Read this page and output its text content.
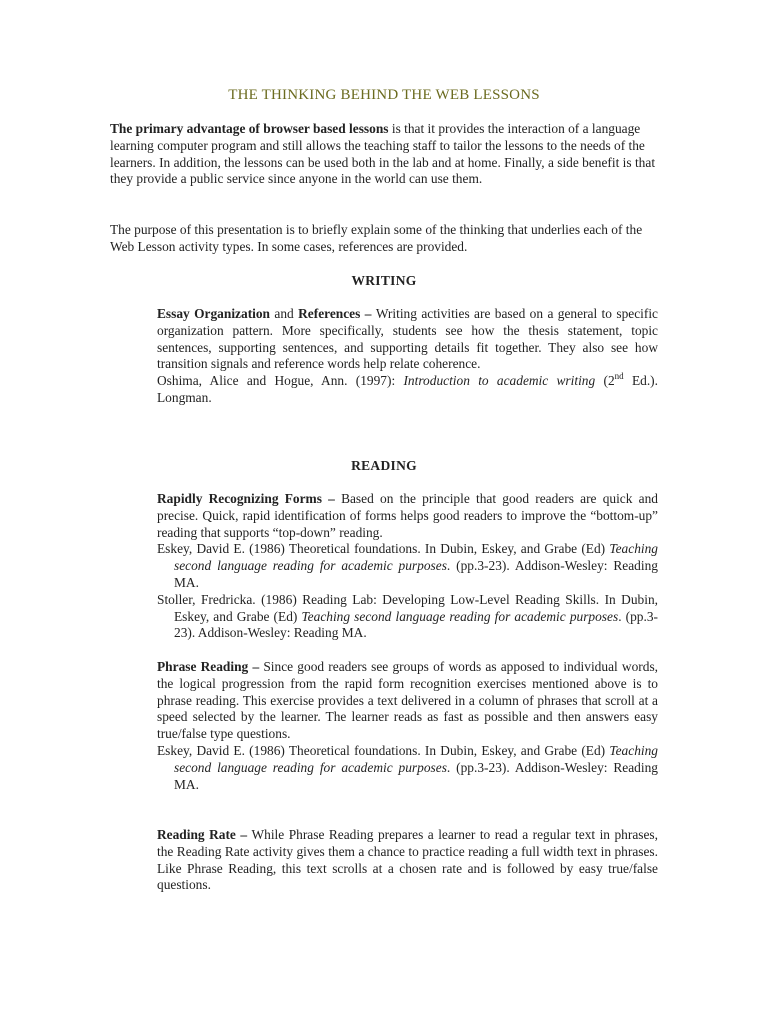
THE THINKING BEHIND THE WEB LESSONS

The primary advantage of browser based lessons is that it provides the interaction of a language learning computer program and still allows the teaching staff to tailor the lessons to the needs of the learners. In addition, the lessons can be used both in the lab and at home. Finally, a side benefit is that they provide a public service since anyone in the world can use them.

The purpose of this presentation is to briefly explain some of the thinking that underlies each of the Web Lesson activity types. In some cases, references are provided.

WRITING

Essay Organization and References – Writing activities are based on a general to specific organization pattern. More specifically, students see how the thesis statement, topic sentences, supporting sentences, and supporting details fit together. They also see how transition signals and reference words help relate coherence.

Oshima, Alice and Hogue, Ann. (1997): Introduction to academic writing (2nd Ed.). Longman.

READING

Rapidly Recognizing Forms – Based on the principle that good readers are quick and precise. Quick, rapid identification of forms helps good readers to improve the “bottom-up” reading that supports “top-down” reading.

Eskey, David E. (1986) Theoretical foundations. In Dubin, Eskey, and Grabe (Ed) Teaching second language reading for academic purposes. (pp.3-23). Addison-Wesley: Reading MA.

Stoller, Fredricka. (1986) Reading Lab: Developing Low-Level Reading Skills. In Dubin, Eskey, and Grabe (Ed) Teaching second language reading for academic purposes. (pp.3-23). Addison-Wesley: Reading MA.

Phrase Reading – Since good readers see groups of words as apposed to individual words, the logical progression from the rapid form recognition exercises mentioned above is to phrase reading. This exercise provides a text delivered in a column of phrases that scroll at a speed selected by the learner. The learner reads as fast as possible and then answers easy true/false type questions.

Eskey, David E. (1986) Theoretical foundations. In Dubin, Eskey, and Grabe (Ed) Teaching second language reading for academic purposes. (pp.3-23). Addison-Wesley: Reading MA.

Reading Rate – While Phrase Reading prepares a learner to read a regular text in phrases, the Reading Rate activity gives them a chance to practice reading a full width text in phrases. Like Phrase Reading, this text scrolls at a chosen rate and is followed by easy true/false questions.
